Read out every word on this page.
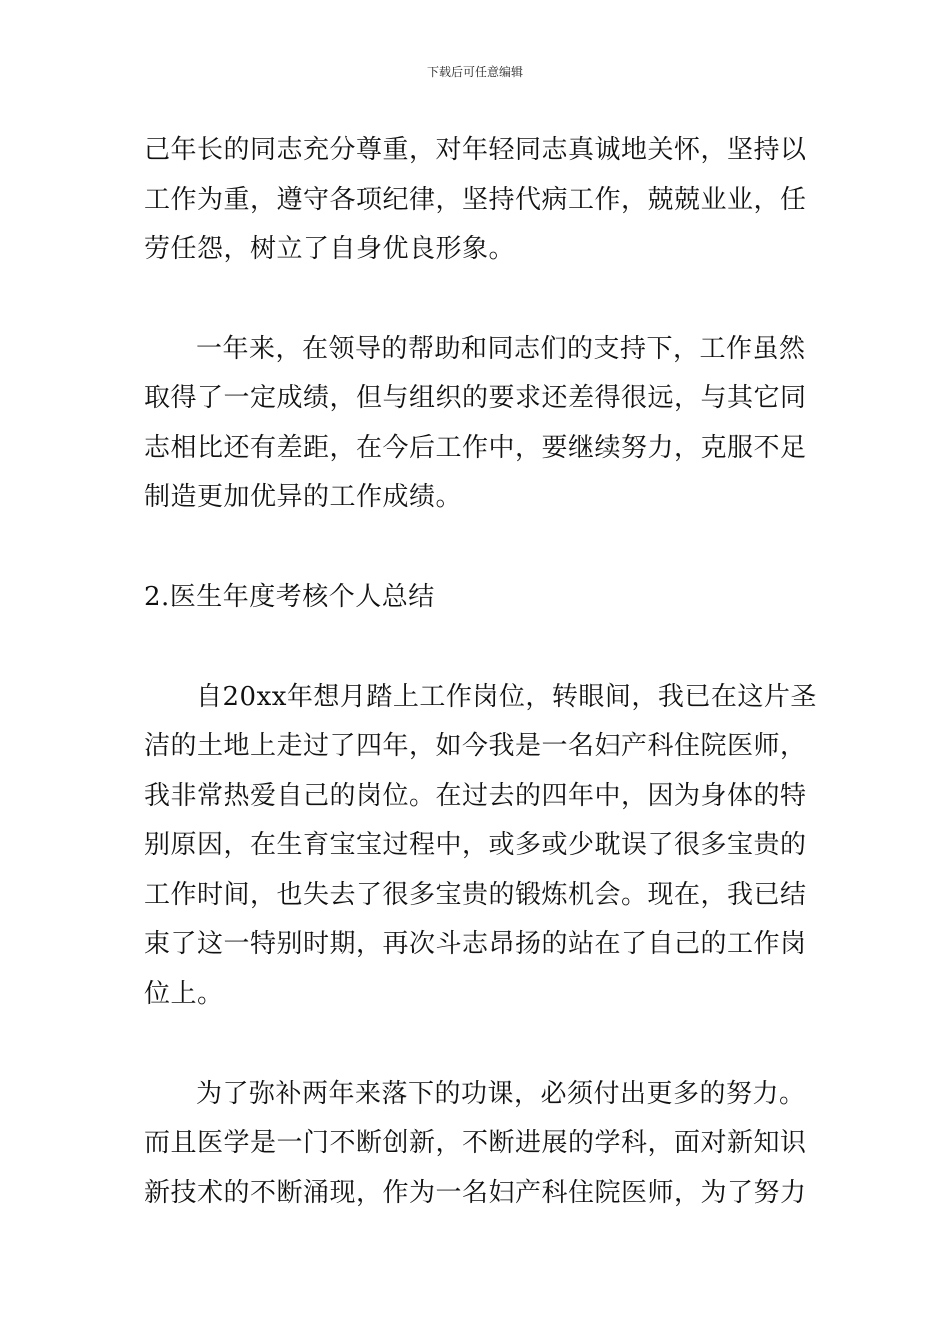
下载后可任意编辑
己年长的同志充分尊重，对年轻同志真诚地关怀，坚持以
工作为重，遵守各项纪律，坚持代病工作，兢兢业业，任
劳任怨，树立了自身优良形象。
一年来，在领导的帮助和同志们的支持下，工作虽然
取得了一定成绩，但与组织的要求还差得很远，与其它同
志相比还有差距，在今后工作中，要继续努力，克服不足
制造更加优异的工作成绩。
2.医生年度考核个人总结
自20xx年想月踏上工作岗位，转眼间，我已在这片圣
洁的土地上走过了四年，如今我是一名妇产科住院医师，
我非常热爱自己的岗位。在过去的四年中，因为身体的特
别原因，在生育宝宝过程中，或多或少耽误了很多宝贵的
工作时间，也失去了很多宝贵的锻炼机会。现在，我已结
束了这一特别时期，再次斗志昂扬的站在了自己的工作岗
位上。
为了弥补两年来落下的功课，必须付出更多的努力。
而且医学是一门不断创新，不断进展的学科，面对新知识
新技术的不断涌现，作为一名妇产科住院医师，为了努力
